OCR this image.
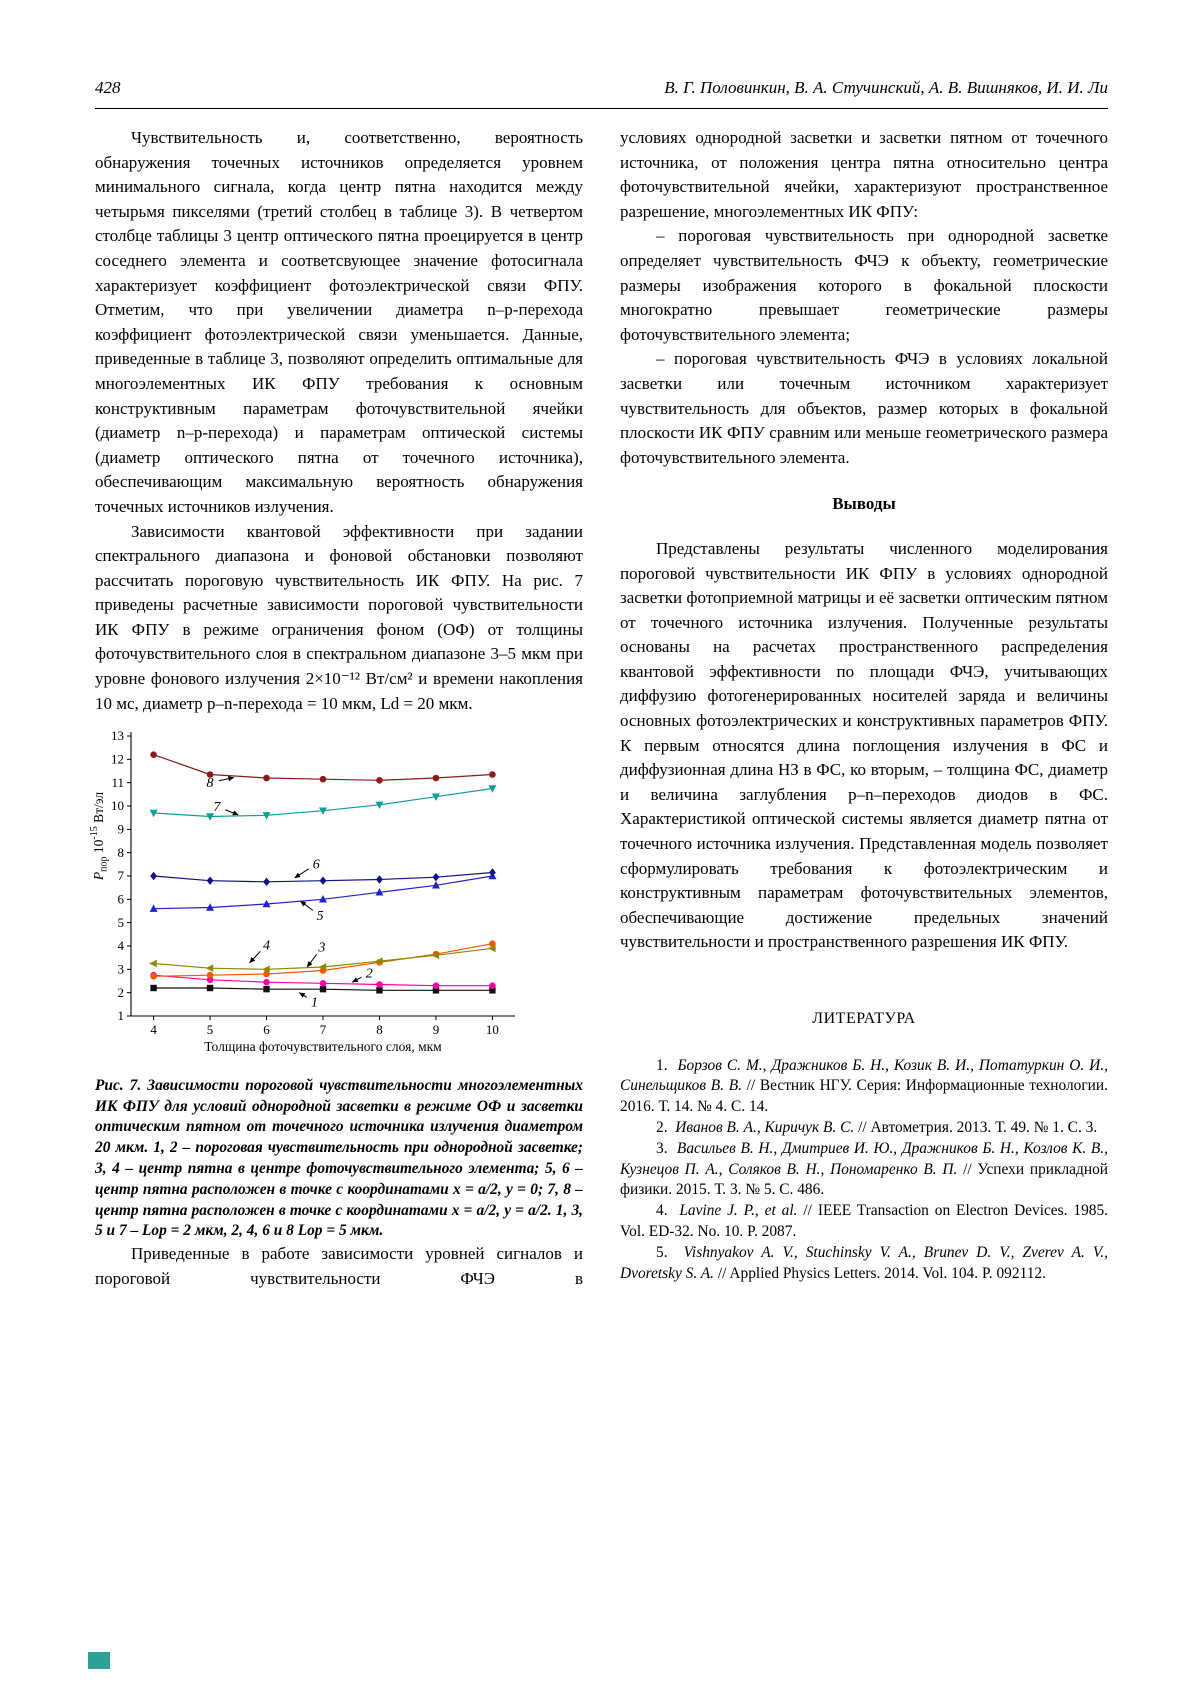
428	В. Г. Половинкин, В. А. Стучинский, А. В. Вишняков, И. И. Ли

Чувствительность и, соответственно, вероятность обнаружения точечных источников определяется уровнем минимального сигнала, когда центр пятна находится между четырьмя пикселями (третий столбец в таблице 3). В четвертом столбце таблицы 3 центр оптического пятна проецируется в центр соседнего элемента и соответсвующее значение фотосигнала характеризует коэффициент фотоэлектрической связи ФПУ. Отметим, что при увеличении диаметра n–p-перехода коэффициент фотоэлектрической связи уменьшается. Данные, приведенные в таблице 3, позволяют определить оптимальные для многоэлементных ИК ФПУ требования к основным конструктивным параметрам фоточувствительной ячейки (диаметр n–p-перехода) и параметрам оптической системы (диаметр оптического пятна от точечного источника), обеспечивающим максимальную вероятность обнаружения точечных источников излучения.

Зависимости квантовой эффективности при задании спектрального диапазона и фоновой обстановки позволяют рассчитать пороговую чувствительность ИК ФПУ. На рис. 7 приведены расчетные зависимости пороговой чувствительности ИК ФПУ в режиме ограничения фоном (ОФ) от толщины фоточувствительного слоя в спектральном диапазоне 3–5 мкм при уровне фонового излучения 2×10⁻¹² Вт/см² и времени накопления 10 мс, диаметр p–n-перехода = 10 мкм, Ld = 20 мкм.

1
2
3
4
5
6
7
8
9
10
11
12
13
4	5	6	7	8	9	10
Толщина фоточувствительного слоя, мкм
$P_{пор}$ $10^{-15}$ Вт/эл
1
2
3
4
5
6
7
8

Рис. 7. Зависимости пороговой чувствительности многоэлементных ИК ФПУ для условий однородной засветки в режиме ОФ и засветки оптическим пятном от точечного источника излучения диаметром 20 мкм. 1, 2 – пороговая чувствительность при однородной засветке; 3, 4 – центр пятна в центре фоточувствительного элемента; 5, 6 – центр пятна расположен в точке с координатами x = a/2, y = 0; 7, 8 – центр пятна расположен в точке с координатами x = a/2, y = a/2. 1, 3, 5 и 7 – Lор = 2 мкм, 2, 4, 6 и 8 Lор = 5 мкм.

Приведенные в работе зависимости уровней сигналов и пороговой чувствительности ФЧЭ в

условиях однородной засветки и засветки пятном от точечного источника, от положения центра пятна относительно центра фоточувствительной ячейки, характеризуют пространственное разрешение, многоэлементных ИК ФПУ:

– пороговая чувствительность при однородной засветке определяет чувствительность ФЧЭ к объекту, геометрические размеры изображения которого в фокальной плоскости многократно превышает геометрические размеры фоточувствительного элемента;

– пороговая чувствительность ФЧЭ в условиях локальной засветки или точечным источником характеризует чувствительность для объектов, размер которых в фокальной плоскости ИК ФПУ сравним или меньше геометрического размера фоточувствительного элемента.

Выводы

Представлены результаты численного моделирования пороговой чувствительности ИК ФПУ в условиях однородной засветки фотоприемной матрицы и её засветки оптическим пятном от точечного источника излучения. Полученные результаты основаны на расчетах пространственного распределения квантовой эффективности по площади ФЧЭ, учитывающих диффузию фотогенерированных носителей заряда и величины основных фотоэлектрических и конструктивных параметров ФПУ. К первым относятся длина поглощения излучения в ФС и диффузионная длина НЗ в ФС, ко вторым, – толщина ФС, диаметр и величина заглубления p–n–переходов диодов в ФС. Характеристикой оптической системы является диаметр пятна от точечного источника излучения. Представленная модель позволяет сформулировать требования к фотоэлектрическим и конструктивным параметрам фоточувствительных элементов, обеспечивающие достижение предельных значений чувствительности и пространственного разрешения ИК ФПУ.

ЛИТЕРАТУРА

1.  Борзов С. М., Дражников Б. Н., Козик В. И., Потатуркин О. И., Синельщиков В. В. // Вестник НГУ. Серия: Информационные технологии. 2016. Т. 14. № 4. С. 14.

2.  Иванов В. А., Киричук В. С. // Автометрия. 2013. Т. 49. № 1. С. 3.

3.  Васильев В. Н., Дмитриев И. Ю., Дражников Б. Н., Козлов К. В., Кузнецов П. А., Соляков В. Н., Пономаренко В. П. // Успехи прикладной физики. 2015. Т. 3. № 5. С. 486.

4.  Lavine J. P., et al. // IEEE Transaction on Electron Devices. 1985. Vol. ED-32. No. 10. P. 2087.

5.  Vishnyakov A. V., Stuchinsky V. A., Brunev D. V., Zverev A. V., Dvoretsky S. A. // Applied Physics Letters. 2014. Vol. 104. P. 092112.
